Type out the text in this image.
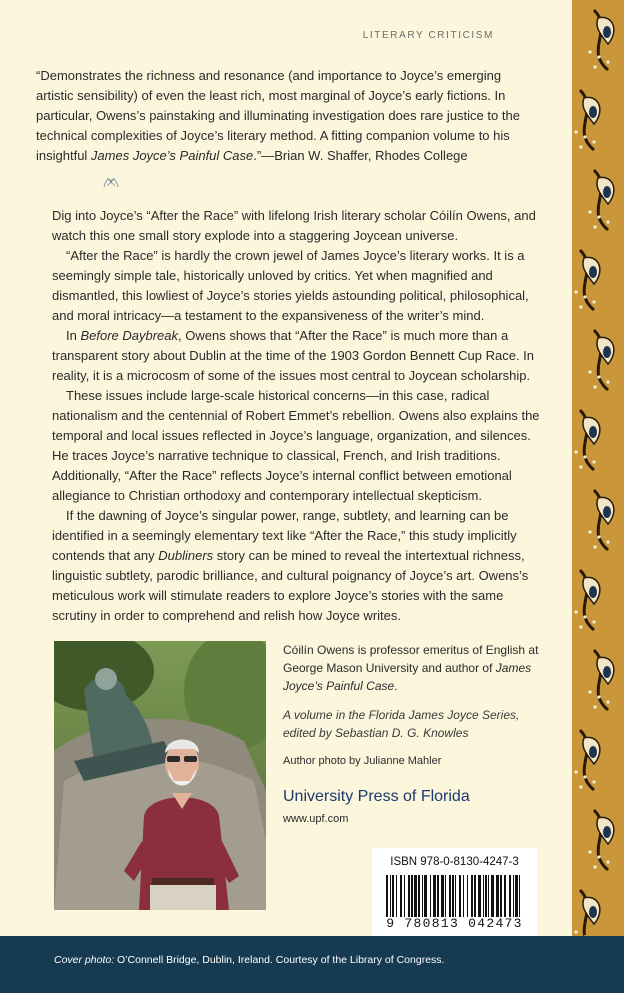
LITERARY CRITICISM

“Demonstrates the richness and resonance (and importance to Joyce’s emerging artistic sensibility) of even the least rich, most marginal of Joyce’s early fictions. In particular, Owens’s painstaking and illuminating investigation does rare justice to the technical complexities of Joyce’s literary method. A fitting companion volume to his insightful James Joyce’s Painful Case.”—Brian W. Shaffer, Rhodes College

Dig into Joyce’s “After the Race” with lifelong Irish literary scholar Cóilín Owens, and watch this one small story explode into a staggering Joycean universe.

“After the Race” is hardly the crown jewel of James Joyce’s literary works. It is a seemingly simple tale, historically unloved by critics. Yet when magnified and dismantled, this lowliest of Joyce’s stories yields astounding political, philosophical, and moral intricacy—a testament to the expansiveness of the writer’s mind.

In Before Daybreak, Owens shows that “After the Race” is much more than a transparent story about Dublin at the time of the 1903 Gordon Bennett Cup Race. In reality, it is a microcosm of some of the issues most central to Joycean scholarship.

These issues include large-scale historical concerns—in this case, radical nationalism and the centennial of Robert Emmet’s rebellion. Owens also explains the temporal and local issues reflected in Joyce’s language, organization, and silences. He traces Joyce’s narrative technique to classical, French, and Irish traditions. Additionally, “After the Race” reflects Joyce’s internal conflict between emotional allegiance to Christian orthodoxy and contemporary intellectual skepticism.

If the dawning of Joyce’s singular power, range, subtlety, and learning can be identified in a seemingly elementary text like “After the Race,” this study implicitly contends that any Dubliners story can be mined to reveal the intertextual richness, linguistic subtlety, parodic brilliance, and cultural poignancy of Joyce’s art. Owens’s meticulous work will stimulate readers to explore Joyce’s stories with the same scrutiny in order to comprehend and relish how Joyce writes.

Cóilín Owens is professor emeritus of English at George Mason University and author of James Joyce’s Painful Case.
A volume in the Florida James Joyce Series, edited by Sebastian D. G. Knowles
Author photo by Julianne Mahler
University Press of Florida
www.upf.com
ISBN 978-0-8130-4247-3
9 780813 042473
Cover photo: O’Connell Bridge, Dublin, Ireland. Courtesy of the Library of Congress.
